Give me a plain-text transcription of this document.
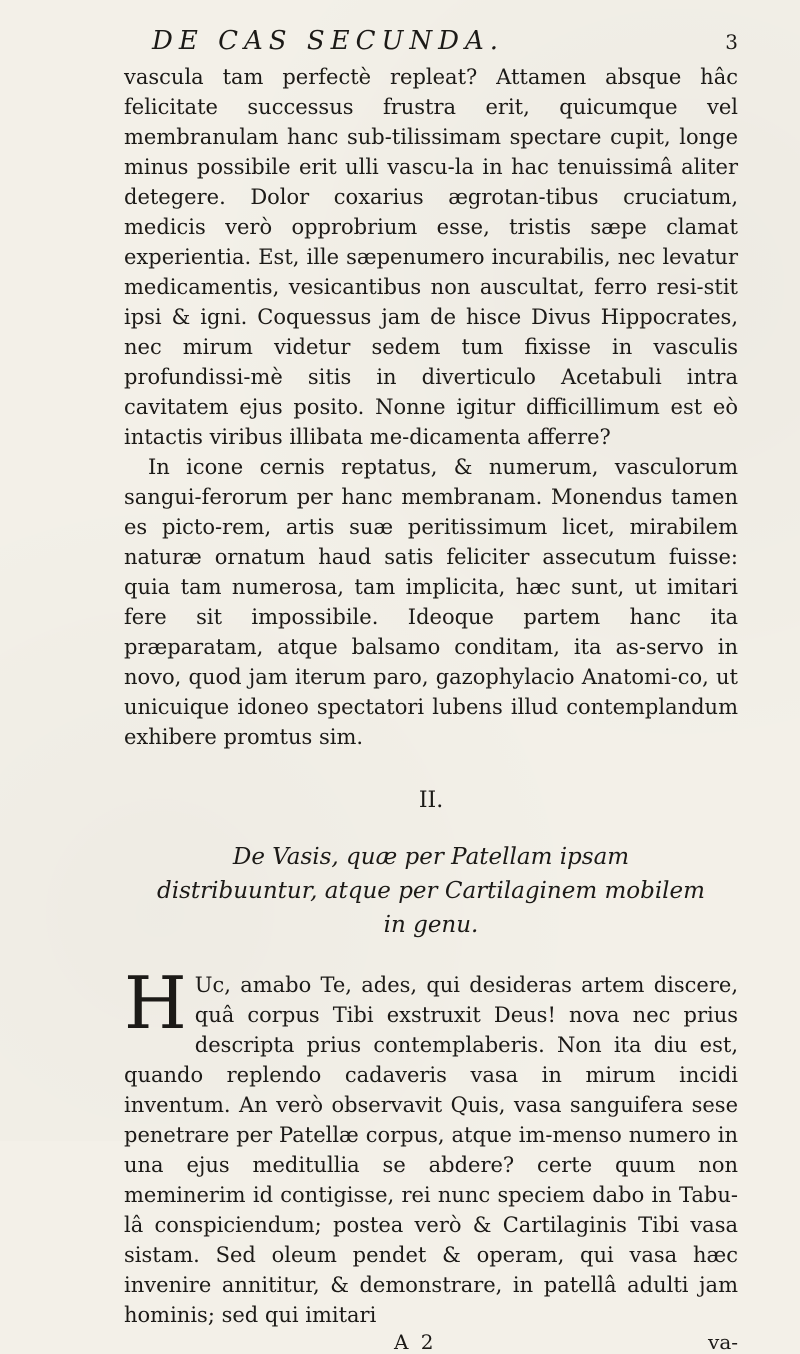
DE CAS SECUNDA.	3

vascula tam perfectè repleat? Attamen absque hâc felicitate successus frustra erit, quicumque vel membranulam hanc sub-tilissimam spectare cupit, longe minus possibile erit ulli vascu-la in hac tenuissimâ aliter detegere. Dolor coxarius ægrotan-tibus cruciatum, medicis verò opprobrium esse, tristis sæpe clamat experientia. Est, ille sæpenumero incurabilis, nec levatur medicamentis, vesicantibus non auscultat, ferro resi-stit ipsi & igni. Coquessus jam de hisce Divus Hippocrates, nec mirum videtur sedem tum fixisse in vasculis profundissi-mè sitis in diverticulo Acetabuli intra cavitatem ejus posito. Nonne igitur difficillimum est eò intactis viribus illibata me-dicamenta afferre?

In icone cernis reptatus, & numerum, vasculorum sangui-ferorum per hanc membranam. Monendus tamen es picto-rem, artis suæ peritissimum licet, mirabilem naturæ ornatum haud satis feliciter assecutum fuisse: quia tam numerosa, tam implicita, hæc sunt, ut imitari fere sit impossibile. Ideoque partem hanc ita præparatam, atque balsamo conditam, ita as-servo in novo, quod jam iterum paro, gazophylacio Anatomi-co, ut unicuique idoneo spectatori lubens illud contemplandum exhibere promtus sim.

II.
De Vasis, quæ per Patellam ipsam distribuuntur, atque per Cartilaginem mobilem in genu.

H Uc, amabo Te, ades, qui desideras artem discere, quâ corpus Tibi exstruxit Deus! nova nec prius descripta prius contemplaberis. Non ita diu est, quando replendo cadaveris vasa in mirum incidi inventum. An verò observavit Quis, vasa sanguifera sese penetrare per Patellæ corpus, atque im-menso numero in una ejus meditullia se abdere? certe quum non meminerim id contigisse, rei nunc speciem dabo in Tabu-lâ conspiciendum; postea verò & Cartilaginis Tibi vasa sistam. Sed oleum pendet & operam, qui vasa hæc invenire annititur, & demonstrare, in patellâ adulti jam hominis; sed qui imitari

A 2	va-
